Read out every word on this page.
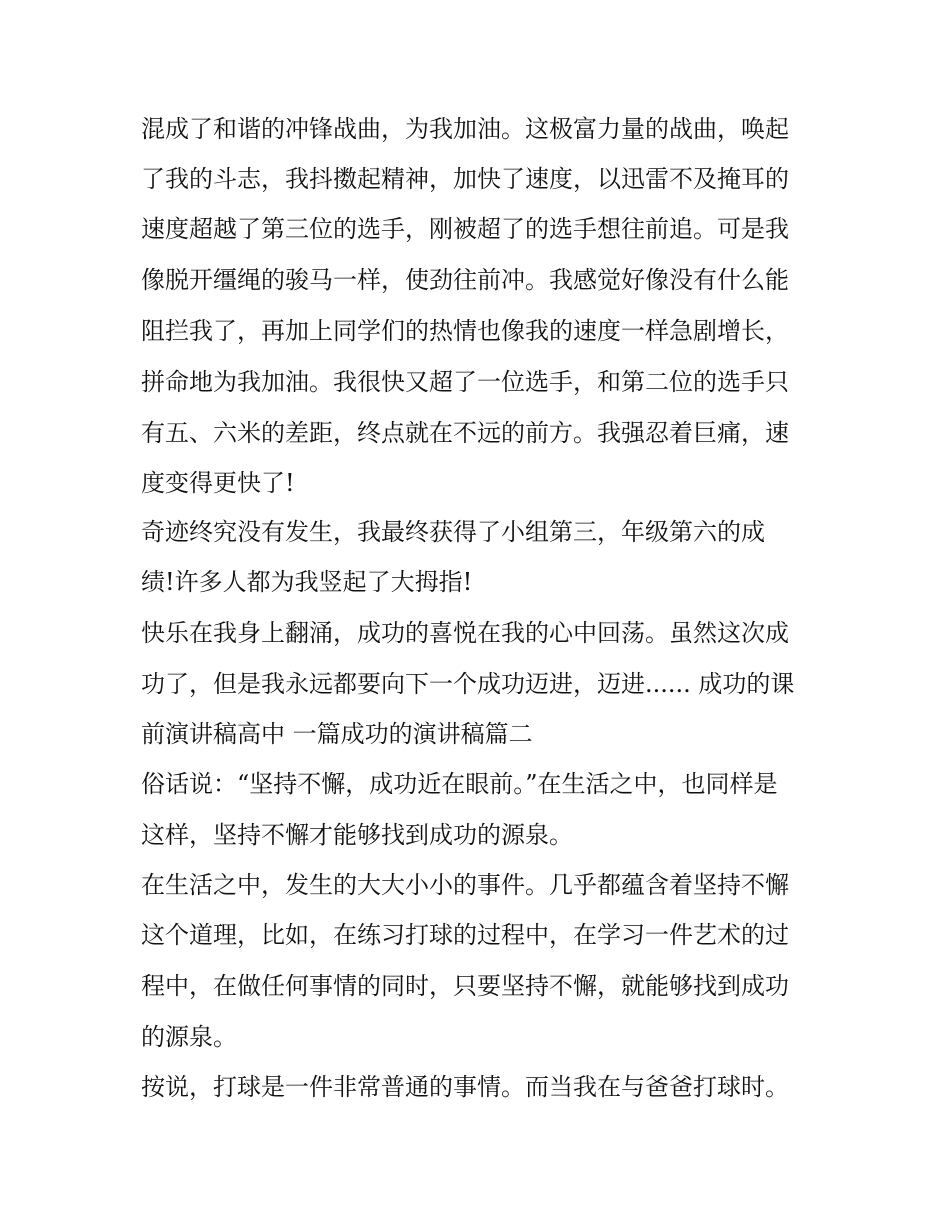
混成了和谐的冲锋战曲，为我加油。这极富力量的战曲，唤起
了我的斗志，我抖擞起精神，加快了速度，以迅雷不及掩耳的
速度超越了第三位的选手，刚被超了的选手想往前追。可是我
像脱开缰绳的骏马一样，使劲往前冲。我感觉好像没有什么能
阻拦我了，再加上同学们的热情也像我的速度一样急剧增长，
拼命地为我加油。我很快又超了一位选手，和第二位的选手只
有五、六米的差距，终点就在不远的前方。我强忍着巨痛，速
度变得更快了!
奇迹终究没有发生，我最终获得了小组第三，年级第六的成
绩!许多人都为我竖起了大拇指!
快乐在我身上翻涌，成功的喜悦在我的心中回荡。虽然这次成
功了，但是我永远都要向下一个成功迈进，迈进...... 成功的课
前演讲稿高中 一篇成功的演讲稿篇二
俗话说：“坚持不懈，成功近在眼前。”在生活之中，也同样是
这样，坚持不懈才能够找到成功的源泉。
在生活之中，发生的大大小小的事件。几乎都蕴含着坚持不懈
这个道理，比如，在练习打球的过程中，在学习一件艺术的过
程中，在做任何事情的同时，只要坚持不懈，就能够找到成功
的源泉。
按说，打球是一件非常普通的事情。而当我在与爸爸打球时。
